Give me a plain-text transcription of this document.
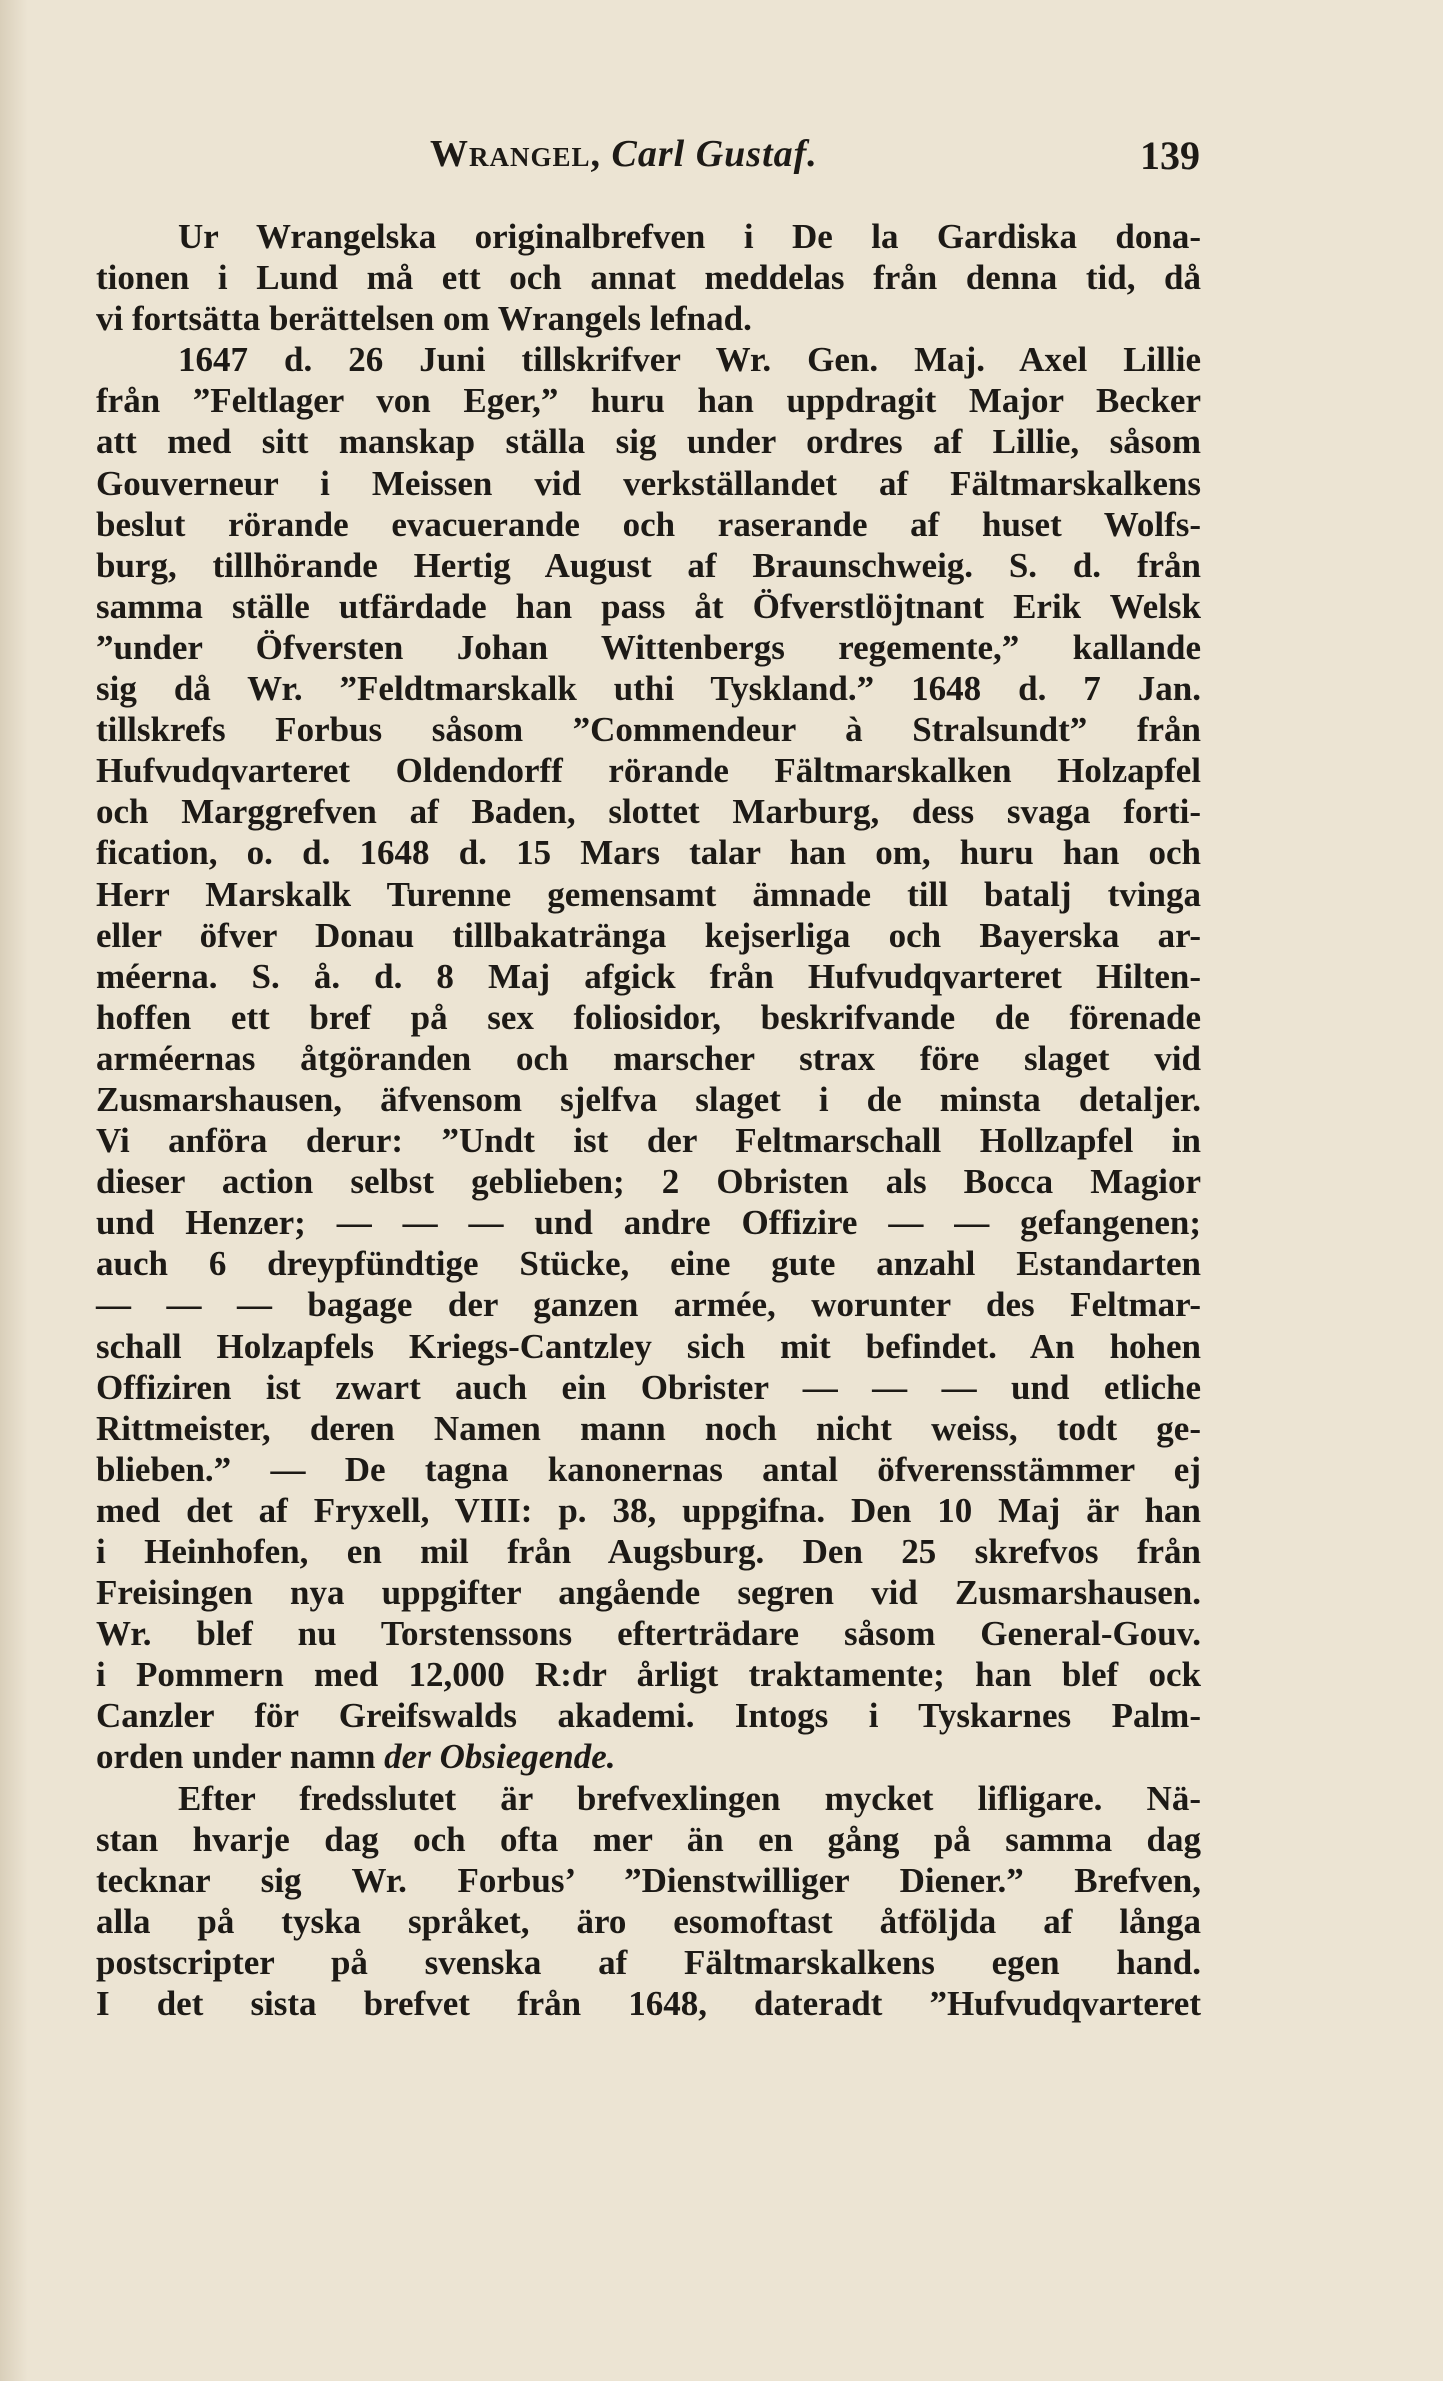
Wrangel, Carl Gustaf.	139
Ur Wrangelska originalbrefven i De la Gardiska dona-
tionen i Lund må ett och annat meddelas från denna tid, då
vi fortsätta berättelsen om Wrangels lefnad.
1647 d. 26 Juni tillskrifver Wr. Gen. Maj. Axel Lillie
från ”Feltlager von Eger,” huru han uppdragit Major Becker
att med sitt manskap ställa sig under ordres af Lillie, såsom
Gouverneur i Meissen vid verkställandet af Fältmarskalkens
beslut rörande evacuerande och raserande af huset Wolfs-
burg, tillhörande Hertig August af Braunschweig. S. d. från
samma ställe utfärdade han pass åt Öfverstlöjtnant Erik Welsk
”under Öfversten Johan Wittenbergs regemente,” kallande
sig då Wr. ”Feldtmarskalk uthi Tyskland.” 1648 d. 7 Jan.
tillskrefs Forbus såsom ”Commendeur à Stralsundt” från
Hufvudqvarteret Oldendorff rörande Fältmarskalken Holzapfel
och Marggrefven af Baden, slottet Marburg, dess svaga forti-
fication, o. d. 1648 d. 15 Mars talar han om, huru han och
Herr Marskalk Turenne gemensamt ämnade till batalj tvinga
eller öfver Donau tillbakatränga kejserliga och Bayerska ar-
méerna. S. å. d. 8 Maj afgick från Hufvudqvarteret Hilten-
hoffen ett bref på sex foliosidor, beskrifvande de förenade
arméernas åtgöranden och marscher strax före slaget vid
Zusmarshausen, äfvensom sjelfva slaget i de minsta detaljer.
Vi anföra derur: ”Undt ist der Feltmarschall Hollzapfel in
dieser action selbst geblieben; 2 Obristen als Bocca Magior
und Henzer; — — — und andre Offizire — — gefangenen;
auch 6 dreypfündtige Stücke, eine gute anzahl Estandarten
— — — bagage der ganzen armée, worunter des Feltmar-
schall Holzapfels Kriegs-Cantzley sich mit befindet. An hohen
Offiziren ist zwart auch ein Obrister — — — und etliche
Rittmeister, deren Namen mann noch nicht weiss, todt ge-
blieben.” — De tagna kanonernas antal öfverensstämmer ej
med det af Fryxell, VIII: p. 38, uppgifna. Den 10 Maj är han
i Heinhofen, en mil från Augsburg. Den 25 skrefvos från
Freisingen nya uppgifter angående segren vid Zusmarshausen.
Wr. blef nu Torstenssons efterträdare såsom General-Gouv.
i Pommern med 12,000 R:dr årligt traktamente; han blef ock
Canzler för Greifswalds akademi. Intogs i Tyskarnes Palm-
orden under namn der Obsiegende.
Efter fredsslutet är brefvexlingen mycket lifligare. Nä-
stan hvarje dag och ofta mer än en gång på samma dag
tecknar sig Wr. Forbus’ ”Dienstwilliger Diener.” Brefven,
alla på tyska språket, äro esomoftast åtföljda af långa
postscripter på svenska af Fältmarskalkens egen hand.
I det sista brefvet från 1648, dateradt ”Hufvudqvarteret
